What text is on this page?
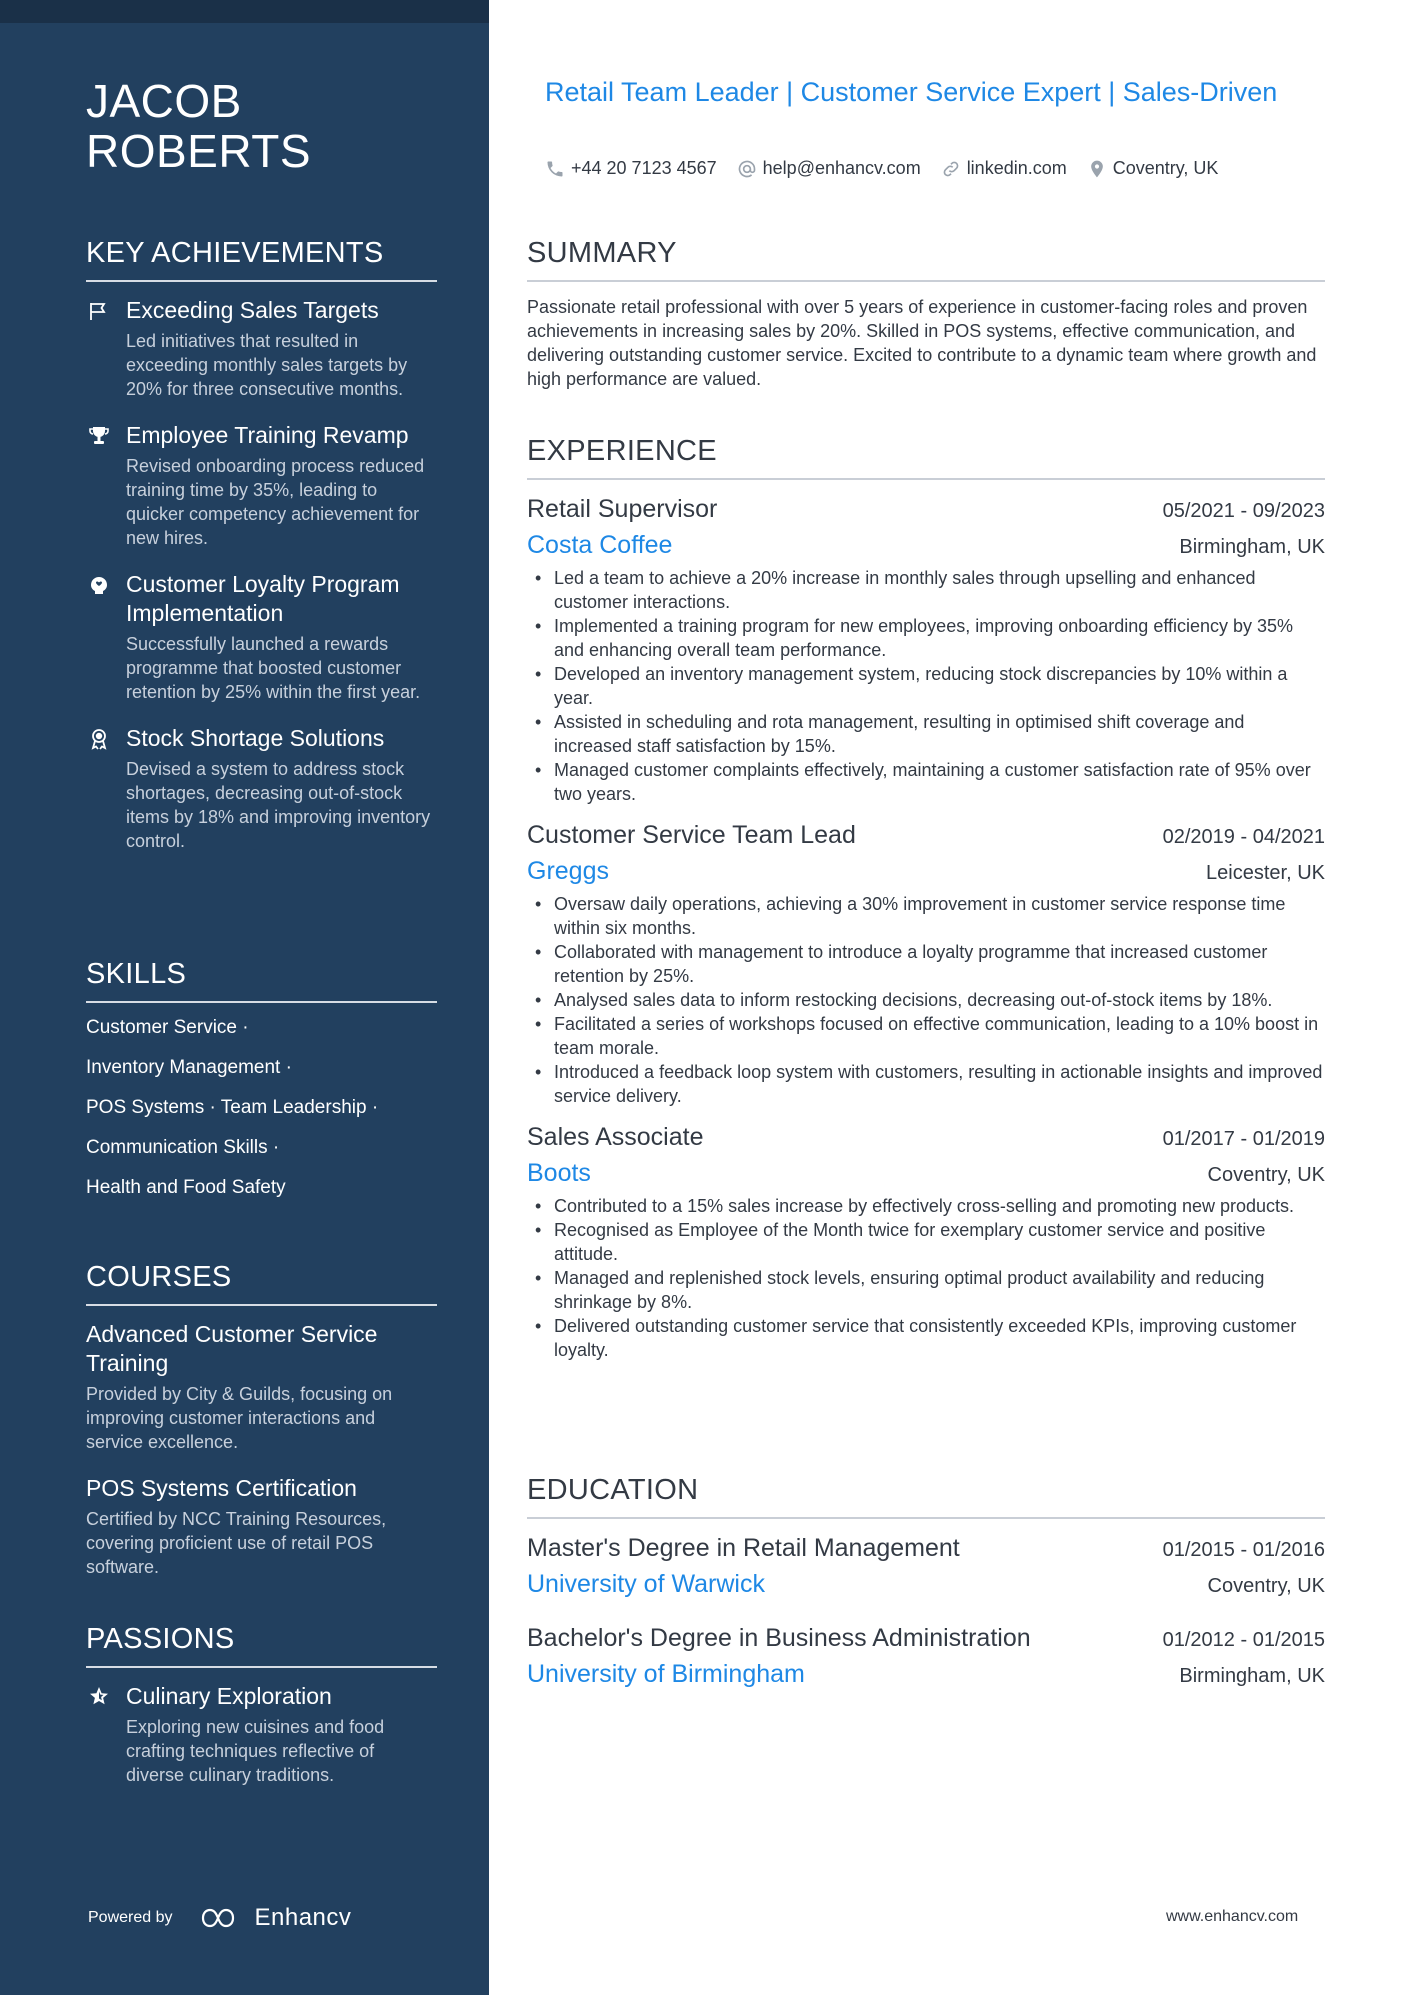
JACOB
ROBERTS
KEY ACHIEVEMENTS
Exceeding Sales Targets
Led initiatives that resulted in exceeding monthly sales targets by 20% for three consecutive months.
Employee Training Revamp
Revised onboarding process reduced training time by 35%, leading to quicker competency achievement for new hires.
Customer Loyalty Program Implementation
Successfully launched a rewards programme that boosted customer retention by 25% within the first year.
Stock Shortage Solutions
Devised a system to address stock shortages, decreasing out-of-stock items by 18% and improving inventory control.
SKILLS
Customer Service ·
Inventory Management ·
POS Systems · Team Leadership ·
Communication Skills ·
Health and Food Safety
COURSES
Advanced Customer Service Training
Provided by City & Guilds, focusing on improving customer interactions and service excellence.
POS Systems Certification
Certified by NCC Training Resources, covering proficient use of retail POS software.
PASSIONS
Culinary Exploration
Exploring new cuisines and food crafting techniques reflective of diverse culinary traditions.
Powered by	Enhancv
Retail Team Leader | Customer Service Expert | Sales-Driven
+44 20 7123 4567	help@enhancv.com	linkedin.com	Coventry, UK
SUMMARY
Passionate retail professional with over 5 years of experience in customer-facing roles and proven achievements in increasing sales by 20%. Skilled in POS systems, effective communication, and delivering outstanding customer service. Excited to contribute to a dynamic team where growth and high performance are valued.
EXPERIENCE
Retail Supervisor	05/2021 - 09/2023
Costa Coffee	Birmingham, UK
• Led a team to achieve a 20% increase in monthly sales through upselling and enhanced customer interactions.
• Implemented a training program for new employees, improving onboarding efficiency by 35% and enhancing overall team performance.
• Developed an inventory management system, reducing stock discrepancies by 10% within a year.
• Assisted in scheduling and rota management, resulting in optimised shift coverage and increased staff satisfaction by 15%.
• Managed customer complaints effectively, maintaining a customer satisfaction rate of 95% over two years.
Customer Service Team Lead	02/2019 - 04/2021
Greggs	Leicester, UK
• Oversaw daily operations, achieving a 30% improvement in customer service response time within six months.
• Collaborated with management to introduce a loyalty programme that increased customer retention by 25%.
• Analysed sales data to inform restocking decisions, decreasing out-of-stock items by 18%.
• Facilitated a series of workshops focused on effective communication, leading to a 10% boost in team morale.
• Introduced a feedback loop system with customers, resulting in actionable insights and improved service delivery.
Sales Associate	01/2017 - 01/2019
Boots	Coventry, UK
• Contributed to a 15% sales increase by effectively cross-selling and promoting new products.
• Recognised as Employee of the Month twice for exemplary customer service and positive attitude.
• Managed and replenished stock levels, ensuring optimal product availability and reducing shrinkage by 8%.
• Delivered outstanding customer service that consistently exceeded KPIs, improving customer loyalty.
EDUCATION
Master's Degree in Retail Management	01/2015 - 01/2016
University of Warwick	Coventry, UK
Bachelor's Degree in Business Administration	01/2012 - 01/2015
University of Birmingham	Birmingham, UK
www.enhancv.com
